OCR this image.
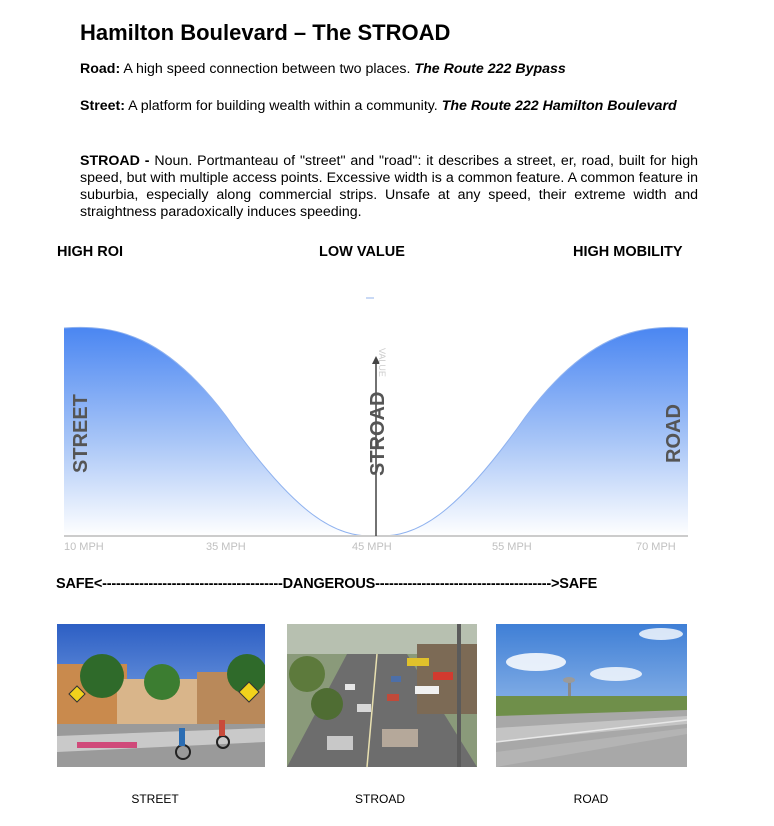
Hamilton Boulevard – The STROAD
Road: A high speed connection between two places. The Route 222 Bypass
Street: A platform for building wealth within a community. The Route 222 Hamilton Boulevard
STROAD - Noun. Portmanteau of "street" and "road": it describes a street, er, road, built for high speed, but with multiple access points. Excessive width is a common feature. A common feature in suburbia, especially along commercial strips. Unsafe at any speed, their extreme width and straightness paradoxically induces speeding.
HIGH ROI	LOW VALUE	HIGH MOBILITY
VALUE
STREET	STROAD	ROAD
10 MPH	35 MPH	45 MPH	55 MPH	70 MPH
SAFE<---------------------------------------DANGEROUS-------------------------------------->SAFE
STREET	STROAD	ROAD
